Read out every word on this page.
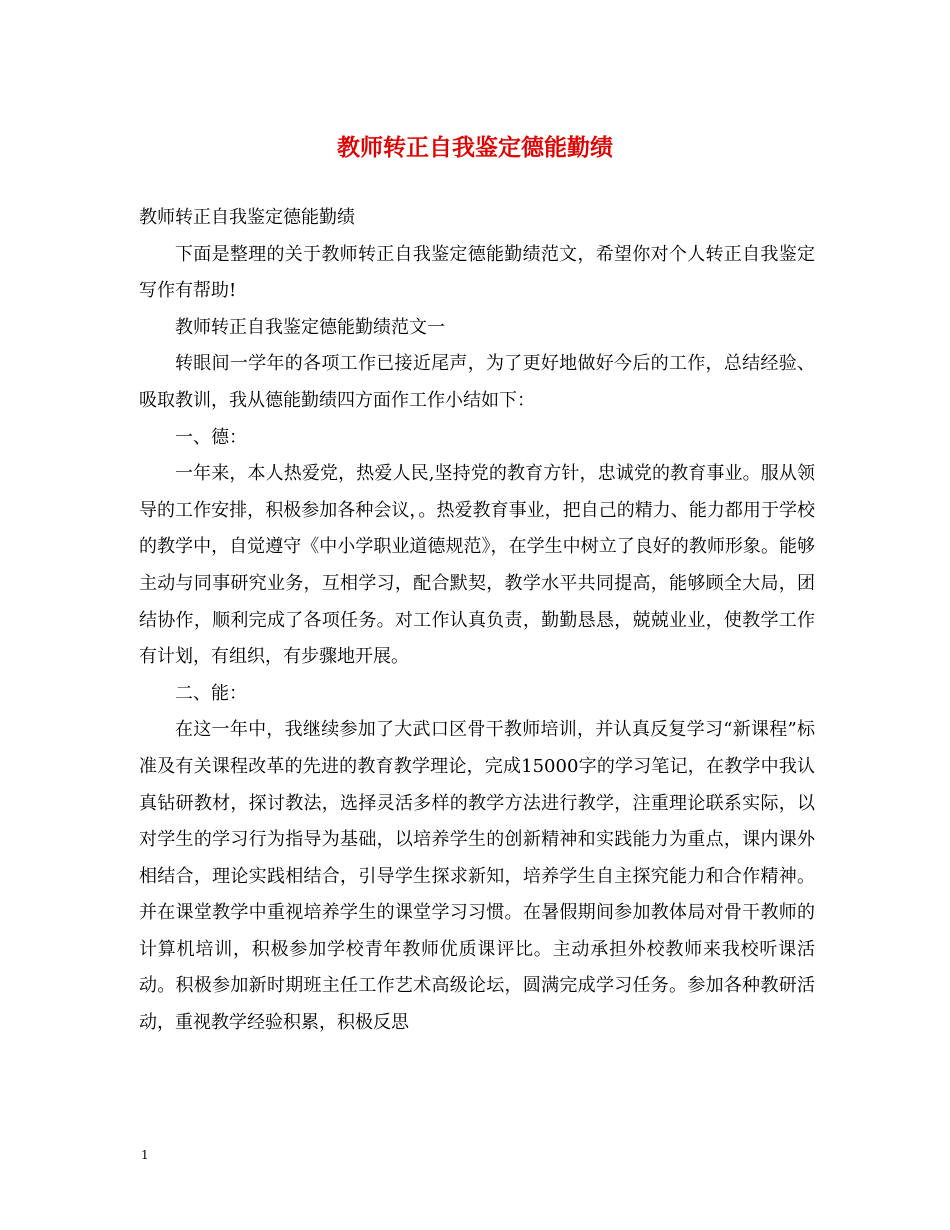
教师转正自我鉴定德能勤绩

教师转正自我鉴定德能勤绩

下面是整理的关于教师转正自我鉴定德能勤绩范文，希望你对个人转正自我鉴定写作有帮助!

教师转正自我鉴定德能勤绩范文一

转眼间一学年的各项工作已接近尾声，为了更好地做好今后的工作，总结经验、吸取教训，我从德能勤绩四方面作工作小结如下：

一、德：

一年来，本人热爱党，热爱人民,坚持党的教育方针，忠诚党的教育事业。服从领导的工作安排，积极参加各种会议，。热爱教育事业，把自己的精力、能力都用于学校的教学中，自觉遵守《中小学职业道德规范》，在学生中树立了良好的教师形象。能够主动与同事研究业务，互相学习，配合默契，教学水平共同提高，能够顾全大局，团结协作，顺利完成了各项任务。对工作认真负责，勤勤恳恳，兢兢业业，使教学工作有计划，有组织，有步骤地开展。

二、能：

在这一年中，我继续参加了大武口区骨干教师培训，并认真反复学习“新课程”标准及有关课程改革的先进的教育教学理论，完成15000字的学习笔记，在教学中我认真钻研教材，探讨教法，选择灵活多样的教学方法进行教学，注重理论联系实际，以对学生的学习行为指导为基础，以培养学生的创新精神和实践能力为重点，课内课外相结合，理论实践相结合，引导学生探求新知，培养学生自主探究能力和合作精神。并在课堂教学中重视培养学生的课堂学习习惯。在暑假期间参加教体局对骨干教师的计算机培训，积极参加学校青年教师优质课评比。主动承担外校教师来我校听课活动。积极参加新时期班主任工作艺术高级论坛，圆满完成学习任务。参加各种教研活动，重视教学经验积累，积极反思

1
